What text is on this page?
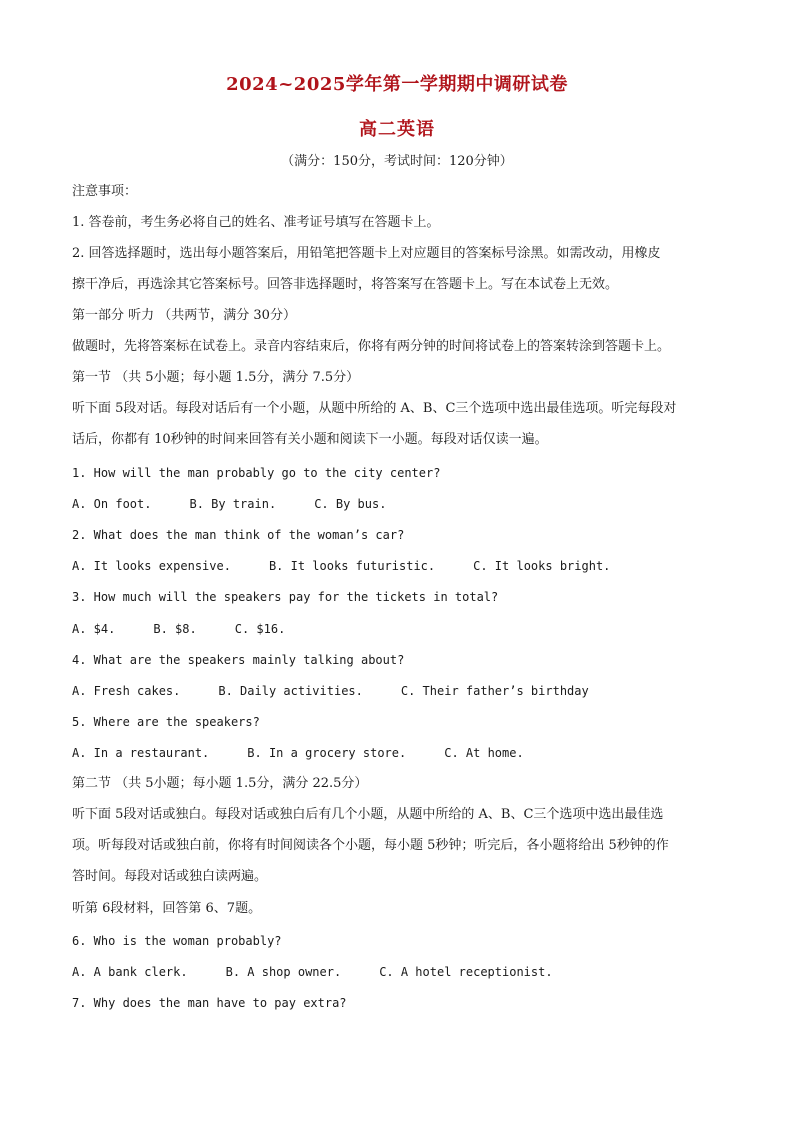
2024~2025学年第一学期期中调研试卷
高二英语
（满分：150分，考试时间：120分钟）
注意事项：
1. 答卷前，考生务必将自己的姓名、准考证号填写在答题卡上。
2. 回答选择题时，选出每小题答案后，用铅笔把答题卡上对应题目的答案标号涂黑。如需改动，用橡皮
擦干净后，再选涂其它答案标号。回答非选择题时，将答案写在答题卡上。写在本试卷上无效。
第一部分 听力 （共两节，满分 30分）
做题时，先将答案标在试卷上。录音内容结束后，你将有两分钟的时间将试卷上的答案转涂到答题卡上。
第一节 （共 5小题；每小题 1.5分，满分 7.5分）
听下面 5段对话。每段对话后有一个小题，从题中所给的 A、B、C三个选项中选出最佳选项。听完每段对
话后，你都有 10秒钟的时间来回答有关小题和阅读下一小题。每段对话仅读一遍。
1. How will the man probably go to the city center?
A. On foot.	B. By train.	C. By bus.
2. What does the man think of the woman’s car?
A. It looks expensive.	B. It looks futuristic.	C. It looks bright.
3. How much will the speakers pay for the tickets in total?
A. $4.	B. $8.	C. $16.
4. What are the speakers mainly talking about?
A. Fresh cakes.	B. Daily activities.	C. Their father’s birthday
5. Where are the speakers?
A. In a restaurant.	B. In a grocery store.	C. At home.
第二节 （共 5小题；每小题 1.5分，满分 22.5分）
听下面 5段对话或独白。每段对话或独白后有几个小题，从题中所给的 A、B、C三个选项中选出最佳选
项。听每段对话或独白前，你将有时间阅读各个小题，每小题 5秒钟；听完后，各小题将给出 5秒钟的作
答时间。每段对话或独白读两遍。
听第 6段材料，回答第 6、7题。
6. Who is the woman probably?
A. A bank clerk.	B. A shop owner.	C. A hotel receptionist.
7. Why does the man have to pay extra?
